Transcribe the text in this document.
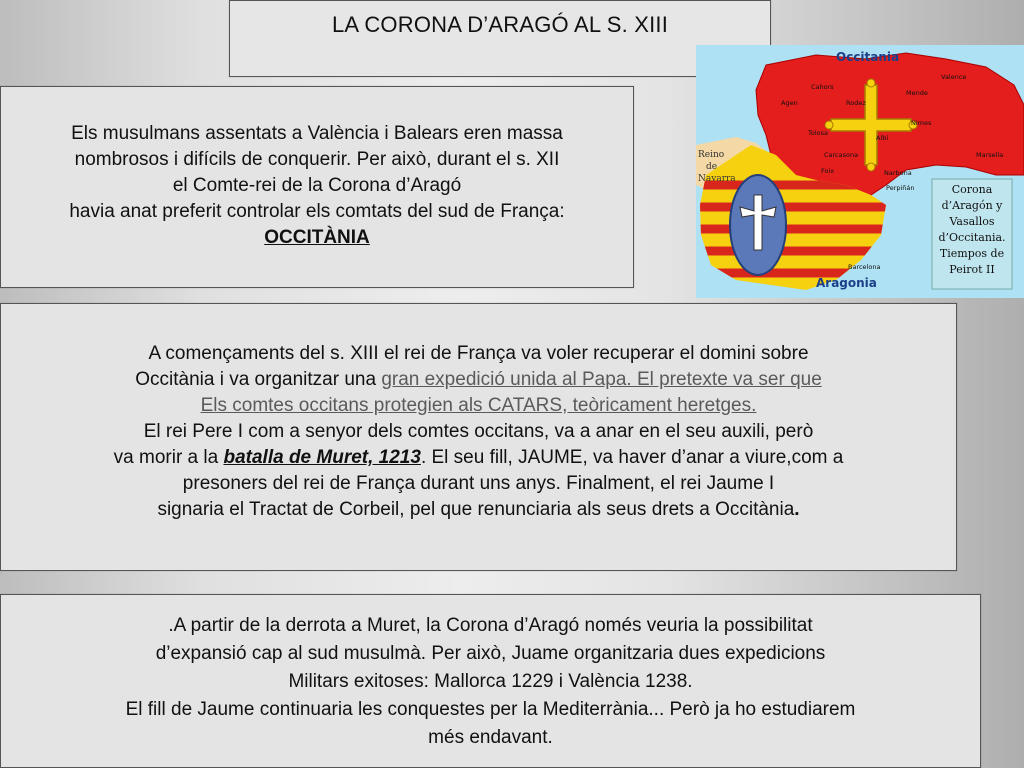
LA CORONA D’ARAGÓ AL S. XIII
Occitania
Aragonia
Reino
de
Navarra
Cahors
Agen	Rodez
Mende
Valence
Tolosa
Albi
Nimes
Marsella
Carcasona
Foix	Narbona
Perpiñán
Barcelona
Corona
d’Aragón y
Vasallos
d’Occitania.
Tiempos de
Peirot II
Els musulmans assentats a València i Balears eren massa
nombrosos i difícils de conquerir. Per això, durant el s. XII
el Comte-rei de la Corona d’Aragó
havia anat preferit controlar els comtats del sud de França:
OCCITÀNIA
A començaments del s. XIII el rei de França va voler recuperar el domini sobre
Occitània i va organitzar una gran expedició unida al Papa. El pretexte va ser que
Els comtes occitans protegien als CATARS, teòricament heretges.
El rei Pere I com a senyor dels comtes occitans, va a anar en el seu auxili, però
va morir a la batalla de Muret, 1213. El seu fill, JAUME, va haver d’anar a viure,com a
presoners del rei de França durant uns anys. Finalment, el rei Jaume I
signaria el Tractat de Corbeil, pel que renunciaria als seus drets a Occitània.
.A partir de la derrota a Muret, la Corona d’Aragó només veuria la possibilitat
d’expansió cap al sud musulmà. Per això, Juame organitzaria dues expedicions
Militars exitoses: Mallorca 1229 i València 1238.
El fill de Jaume continuaria les conquestes per la Mediterrània... Però ja ho estudiarem
més endavant.
